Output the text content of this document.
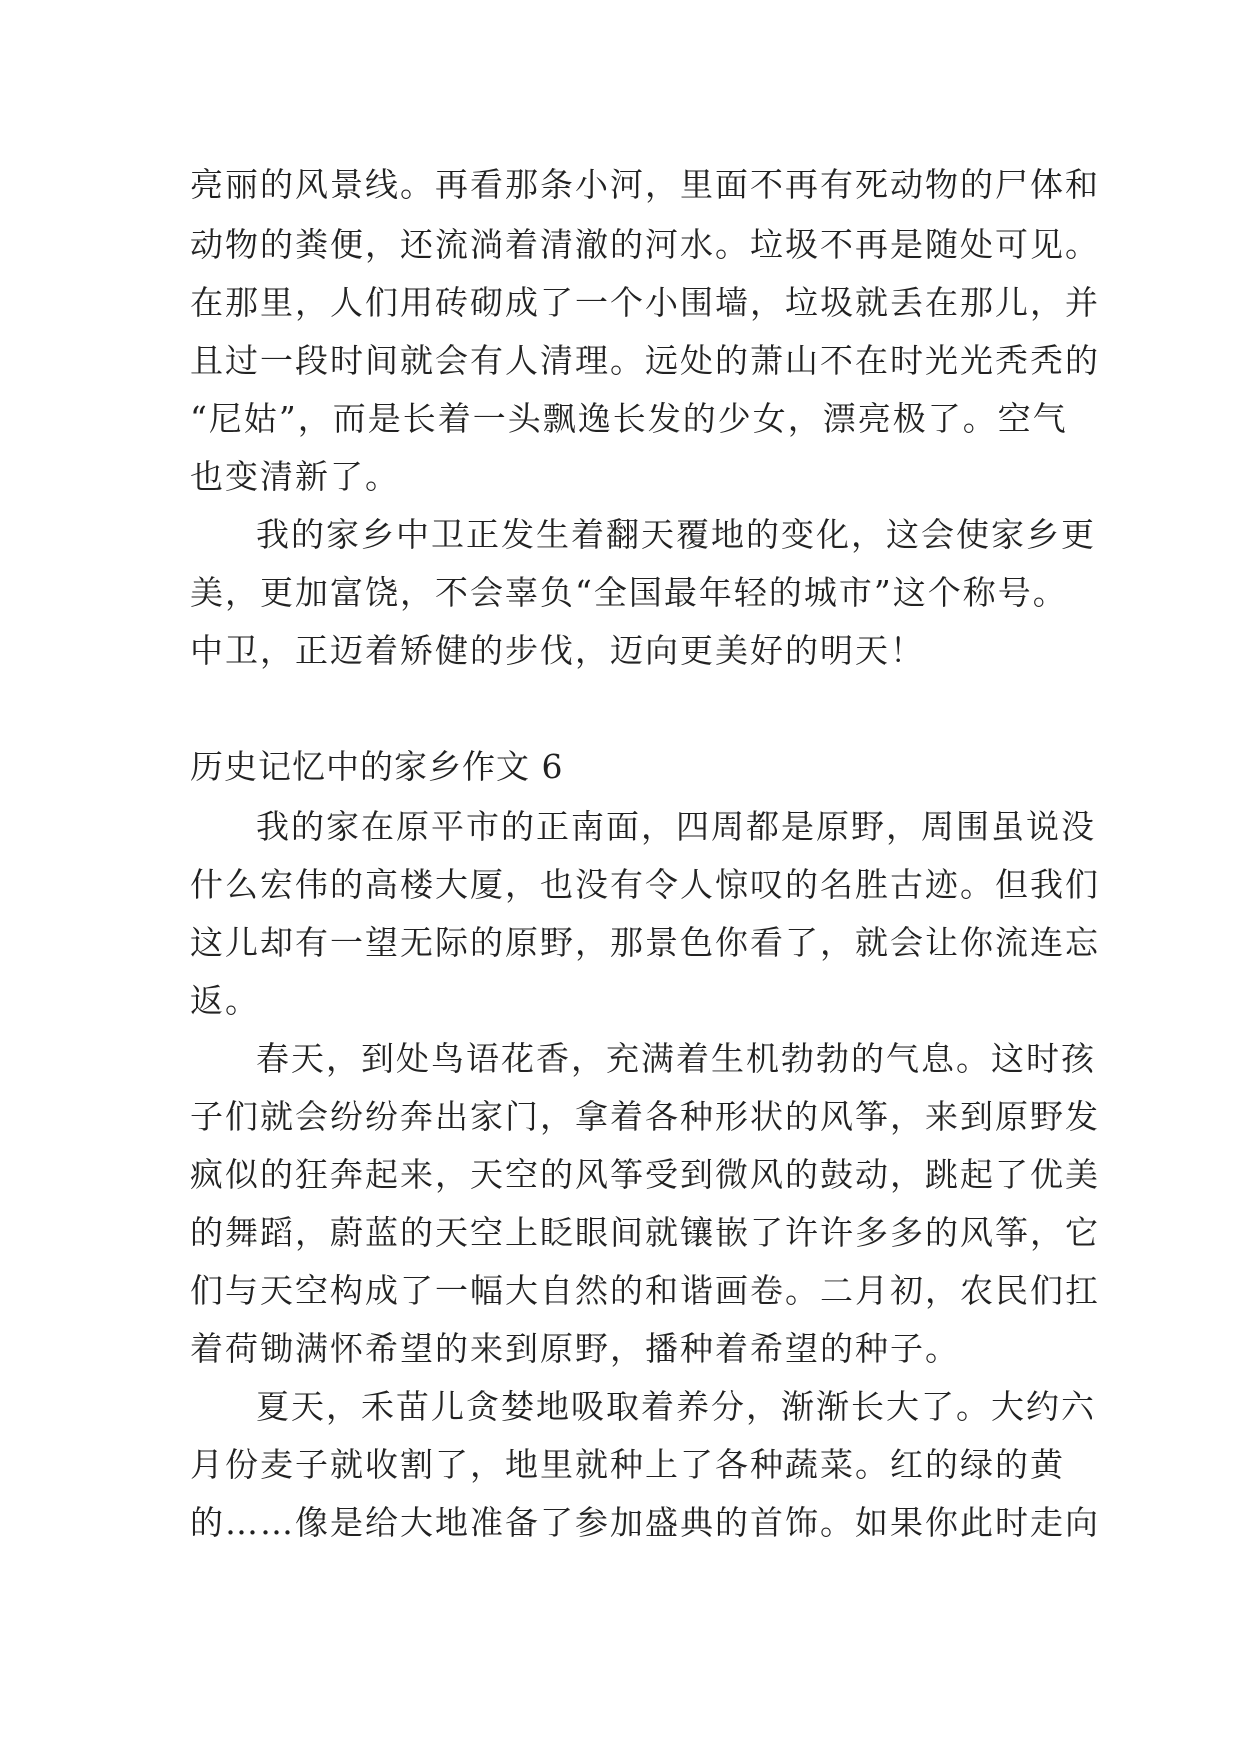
亮丽的风景线。再看那条小河，里面不再有死动物的尸体和

动物的粪便，还流淌着清澈的河水。垃圾不再是随处可见。

在那里，人们用砖砌成了一个小围墙，垃圾就丢在那儿，并

且过一段时间就会有人清理。远处的萧山不在时光光秃秃的

“尼姑”，而是长着一头飘逸长发的少女，漂亮极了。空气

也变清新了。

我的家乡中卫正发生着翻天覆地的变化，这会使家乡更

美，更加富饶，不会辜负“全国最年轻的城市”这个称号。

中卫，正迈着矫健的步伐，迈向更美好的明天！

历史记忆中的家乡作文 6

我的家在原平市的正南面，四周都是原野，周围虽说没

什么宏伟的高楼大厦，也没有令人惊叹的名胜古迹。但我们

这儿却有一望无际的原野，那景色你看了，就会让你流连忘

返。

春天，到处鸟语花香，充满着生机勃勃的气息。这时孩

子们就会纷纷奔出家门，拿着各种形状的风筝，来到原野发

疯似的狂奔起来，天空的风筝受到微风的鼓动，跳起了优美

的舞蹈，蔚蓝的天空上眨眼间就镶嵌了许许多多的风筝，它

们与天空构成了一幅大自然的和谐画卷。二月初，农民们扛

着荷锄满怀希望的来到原野，播种着希望的种子。

夏天，禾苗儿贪婪地吸取着养分，渐渐长大了。大约六

月份麦子就收割了，地里就种上了各种蔬菜。红的绿的黄

的……像是给大地准备了参加盛典的首饰。如果你此时走向
